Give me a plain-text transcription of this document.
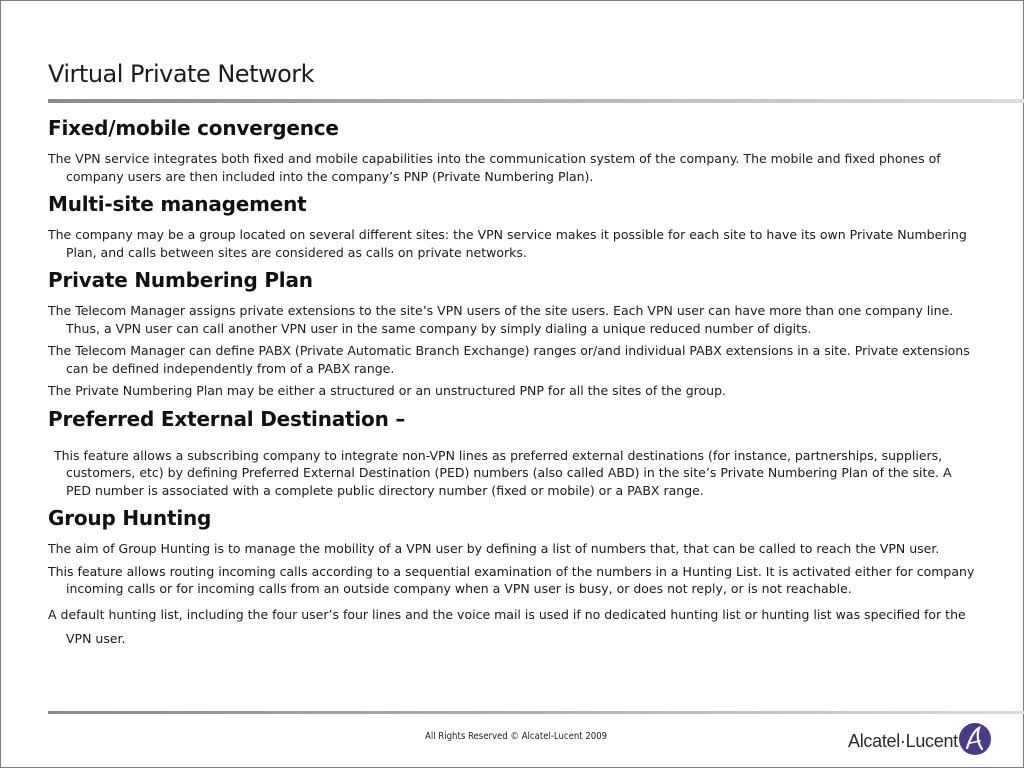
Virtual Private Network
Fixed/mobile convergence

The VPN service integrates both fixed and mobile capabilities into the communication system of the company. The mobile and fixed phones of company users are then included into the company’s PNP (Private Numbering Plan).

Multi-site management

The company may be a group located on several different sites: the VPN service makes it possible for each site to have its own Private Numbering Plan, and calls between sites are considered as calls on private networks.

Private Numbering Plan

The Telecom Manager assigns private extensions to the site’s VPN users of the site users. Each VPN user can have more than one company line. Thus, a VPN user can call another VPN user in the same company by simply dialing a unique reduced number of digits.

The Telecom Manager can define PABX (Private Automatic Branch Exchange) ranges or/and individual PABX extensions in a site. Private extensions can be defined independently from of a PABX range.

The Private Numbering Plan may be either a structured or an unstructured PNP for all the sites of the group.

Preferred External Destination –

This feature allows a subscribing company to integrate non-VPN lines as preferred external destinations (for instance, partnerships, suppliers, customers, etc) by defining Preferred External Destination (PED) numbers (also called ABD) in the site’s Private Numbering Plan of the site. A PED number is associated with a complete public directory number (fixed or mobile) or a PABX range.

Group Hunting

The aim of Group Hunting is to manage the mobility of a VPN user by defining a list of numbers that, that can be called to reach the VPN user.

This feature allows routing incoming calls according to a sequential examination of the numbers in a Hunting List. It is activated either for company incoming calls or for incoming calls from an outside company when a VPN user is busy, or does not reply, or is not reachable.

A default hunting list, including the four user’s four lines and the voice mail is used if no dedicated hunting list or hunting list was specified for the VPN user.

All Rights Reserved © Alcatel-Lucent 2009	Alcatel·Lucent
